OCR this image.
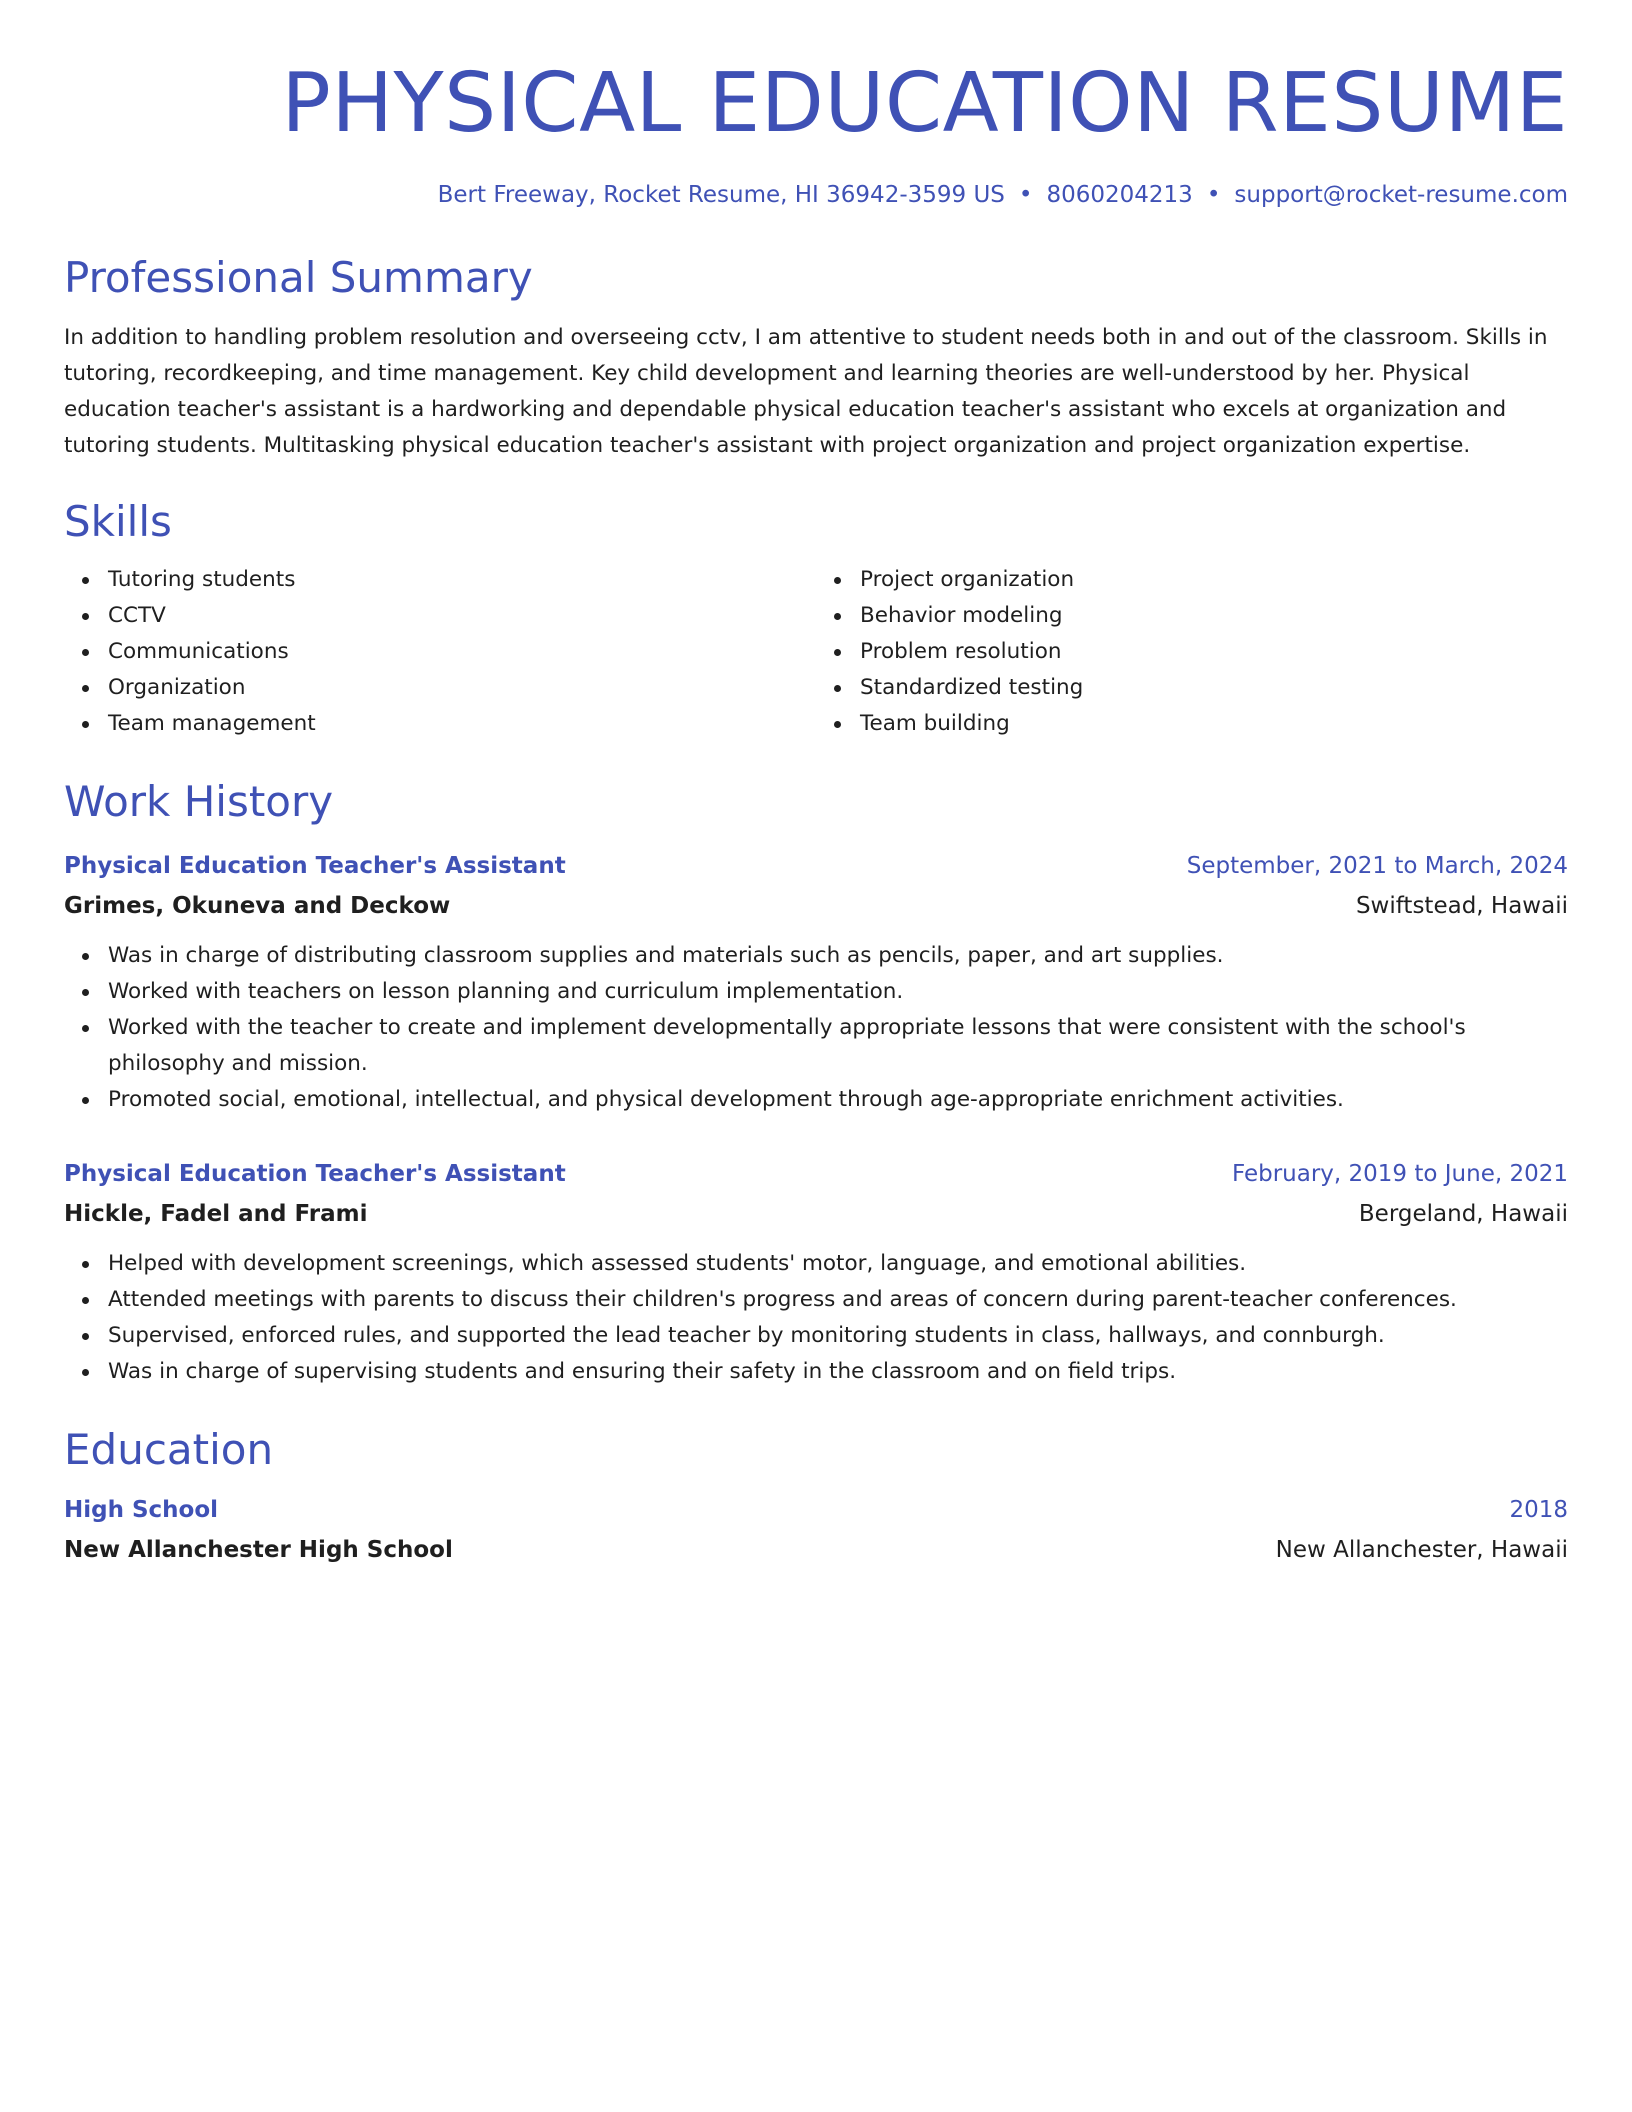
PHYSICAL EDUCATION RESUME
Bert Freeway, Rocket Resume, HI 36942-3599 US • 8060204213 • support@rocket-resume.com
Professional Summary

In addition to handling problem resolution and overseeing cctv, I am attentive to student needs both in and out of the classroom. Skills in tutoring, recordkeeping, and time management. Key child development and learning theories are well-understood by her. Physical education teacher's assistant is a hardworking and dependable physical education teacher's assistant who excels at organization and tutoring students. Multitasking physical education teacher's assistant with project organization and project organization expertise.

Skills
Tutoring students
CCTV
Communications
Organization
Team management
Project organization
Behavior modeling
Problem resolution
Standardized testing
Team building
Work History
Physical Education Teacher's Assistant	September, 2021 to March, 2024
Grimes, Okuneva and Deckow	Swiftstead, Hawaii
Was in charge of distributing classroom supplies and materials such as pencils, paper, and art supplies.
Worked with teachers on lesson planning and curriculum implementation.
Worked with the teacher to create and implement developmentally appropriate lessons that were consistent with the school's philosophy and mission.
Promoted social, emotional, intellectual, and physical development through age-appropriate enrichment activities.
Physical Education Teacher's Assistant	February, 2019 to June, 2021
Hickle, Fadel and Frami	Bergeland, Hawaii
Helped with development screenings, which assessed students' motor, language, and emotional abilities.
Attended meetings with parents to discuss their children's progress and areas of concern during parent-teacher conferences.
Supervised, enforced rules, and supported the lead teacher by monitoring students in class, hallways, and connburgh.
Was in charge of supervising students and ensuring their safety in the classroom and on field trips.
Education
High School	2018
New Allanchester High School	New Allanchester, Hawaii
